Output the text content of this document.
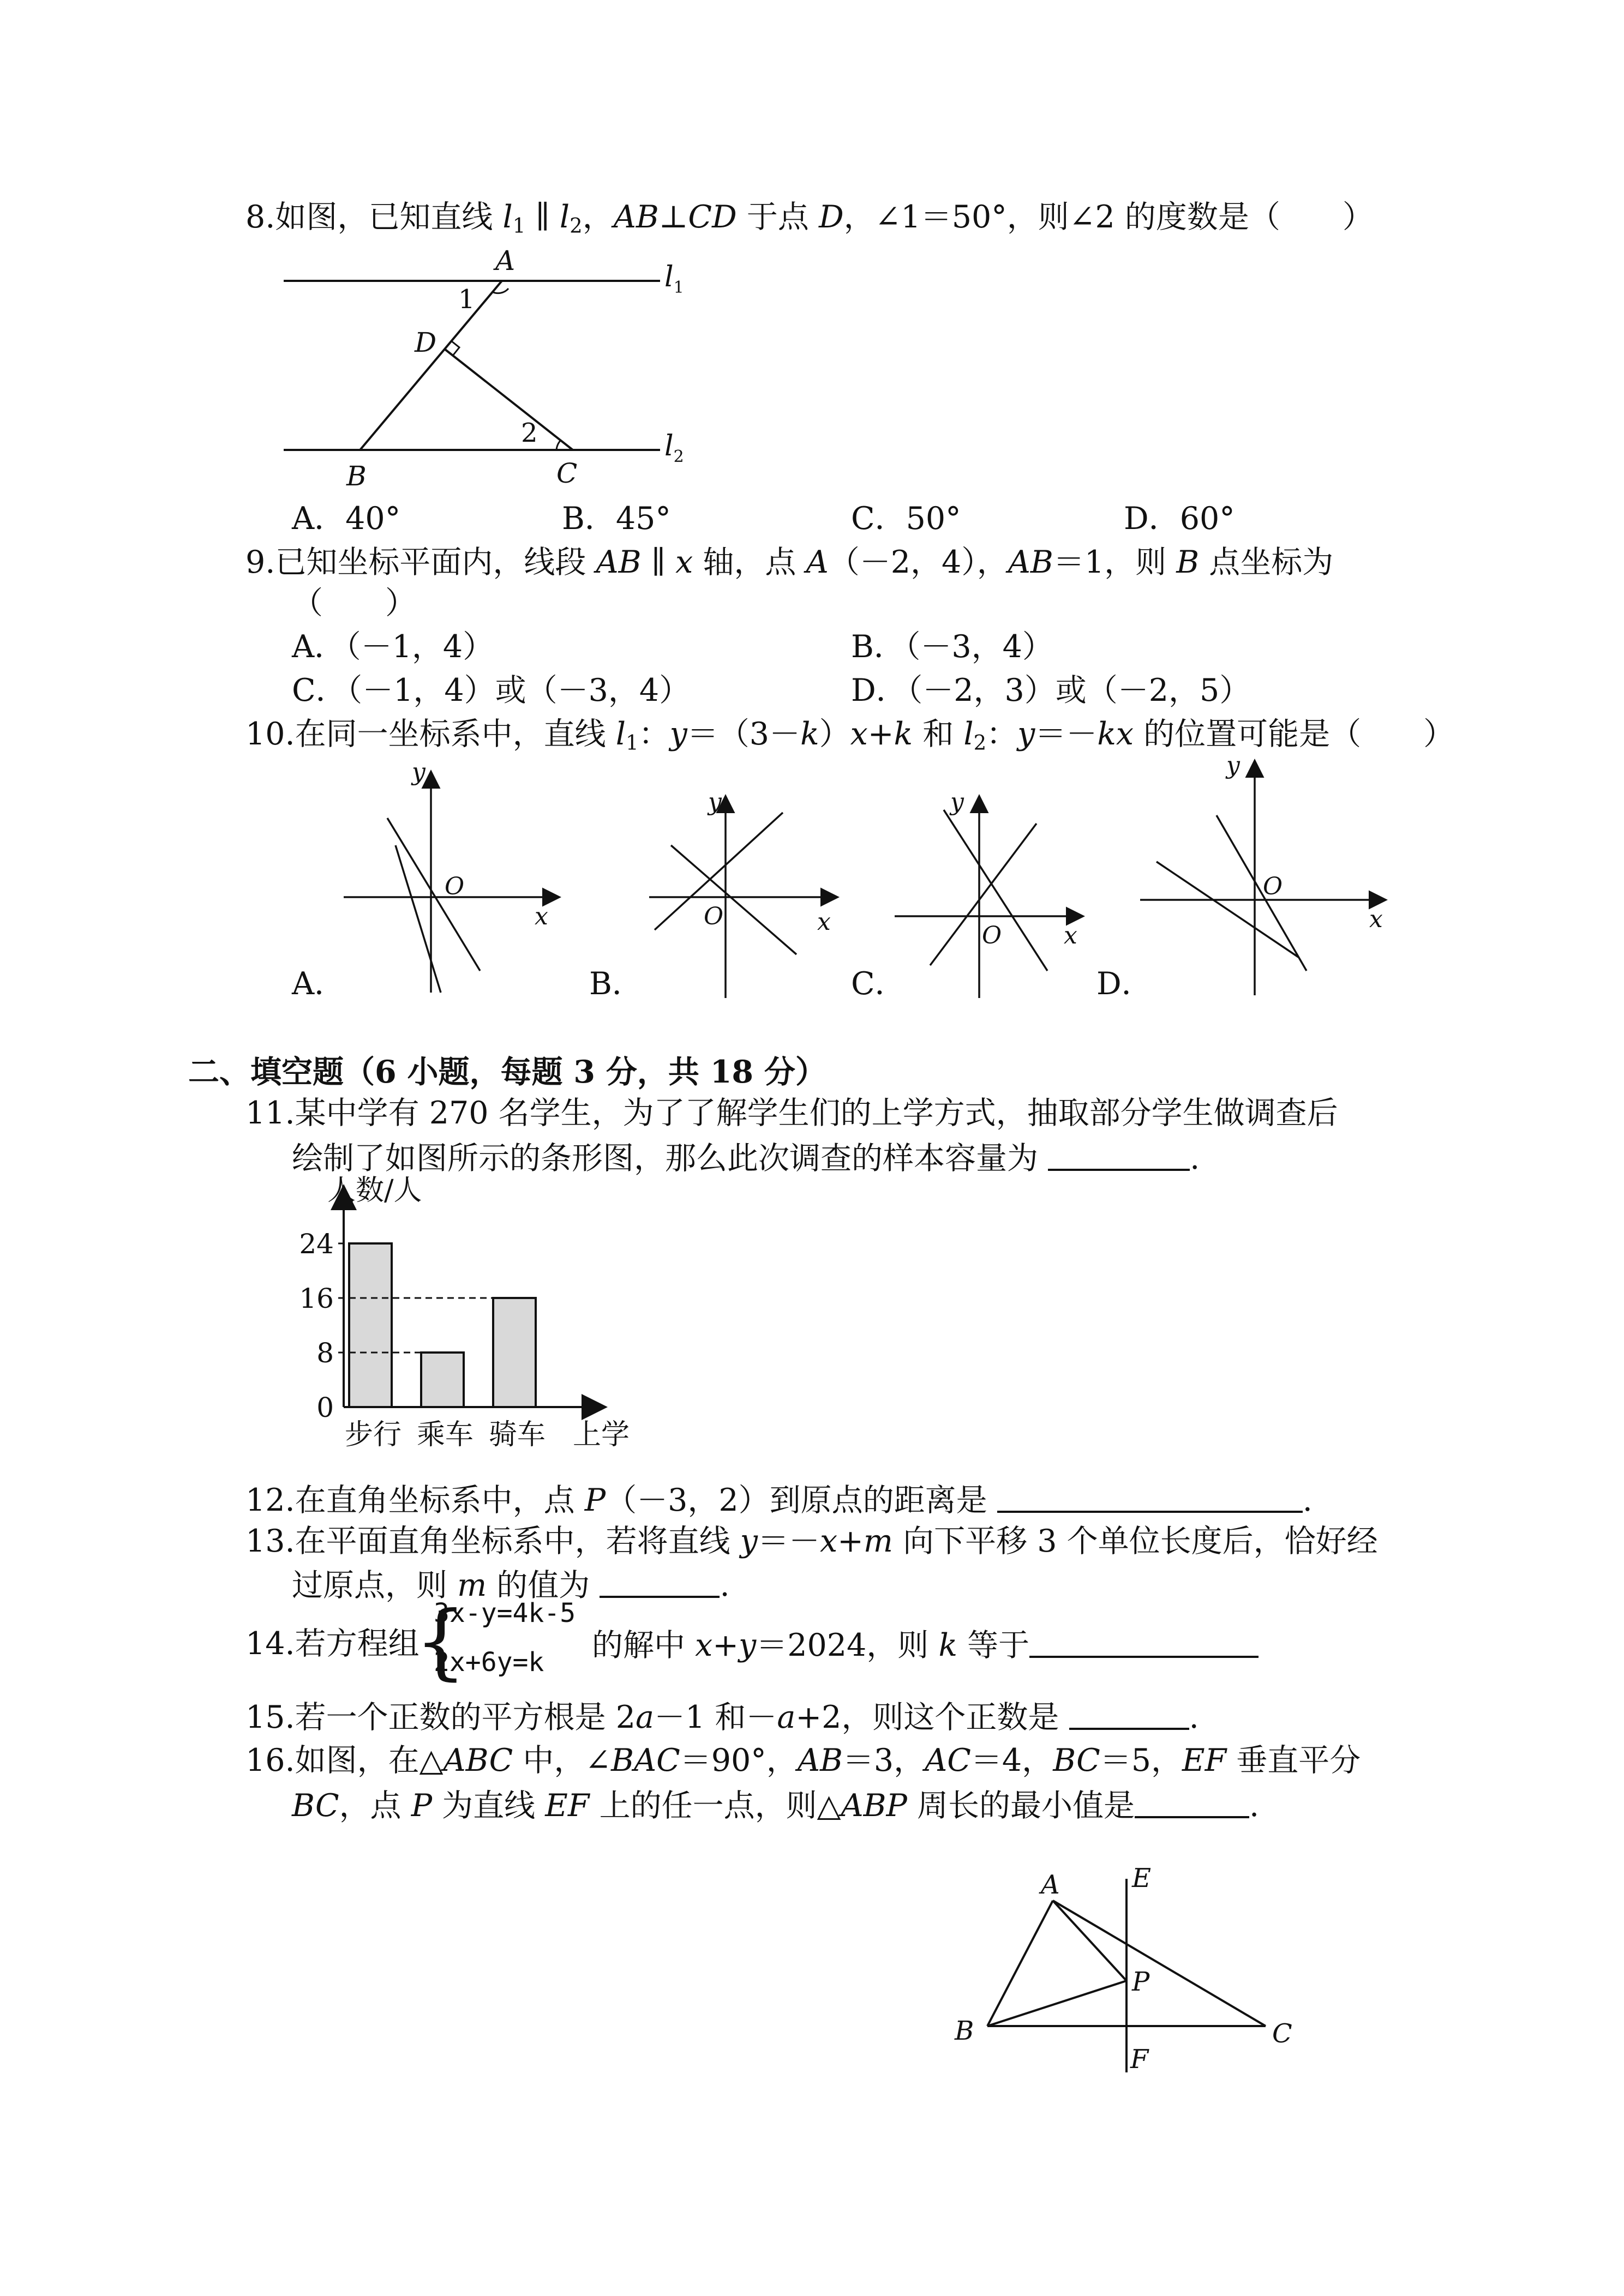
8.如图，已知直线 $l_1$ ∥ $l_2$，AB⊥CD 于点 D，∠1＝50°，则∠2 的度数是（　　）
A
1
D
2
B	C
$l_1$
$l_2$
A．40°	B．45°	C．50°	D．60°
9.已知坐标平面内，线段 AB ∥ x 轴，点 A（－2，4），AB＝1，则 B 点坐标为
（　　）
A．（－1，4）	B．（－3，4）
C．（－1，4）或（－3，4）	D．（－2，3）或（－2，5）
10.在同一坐标系中，直线 $l_1$：y＝（3－k）x+k 和 $l_2$：y＝－kx 的位置可能是（　　）
y
O
x
y
O	x
y
O	x
y
O
x
A．	B．	C．	D．
二、填空题（6 小题，每题 3 分，共 18 分）
11.某中学有 270 名学生，为了了解学生们的上学方式，抽取部分学生做调查后
绘制了如图所示的条形图，那么此次调查的样本容量为	.
人数/人
步行 乘车 骑车
0
8
16
24
上学
12.在直角坐标系中，点 P（－3，2）到原点的距离是	.
13.在平面直角坐标系中，若将直线 y＝－x+m 向下平移 3 个单位长度后，恰好经
过原点，则 m 的值为	.
14.若方程组
{
3x-y=4k-5
2x+6y=k 的解中 x+y＝2024，则 k 等于
15.若一个正数的平方根是 2a－1 和－a+2，则这个正数是	.
16.如图，在△ABC 中，∠BAC＝90°，AB＝3，AC＝4，BC＝5，EF 垂直平分
BC，点 P 为直线 EF 上的任一点，则△ABP 周长的最小值是	.
A	E
P
B	C
F
